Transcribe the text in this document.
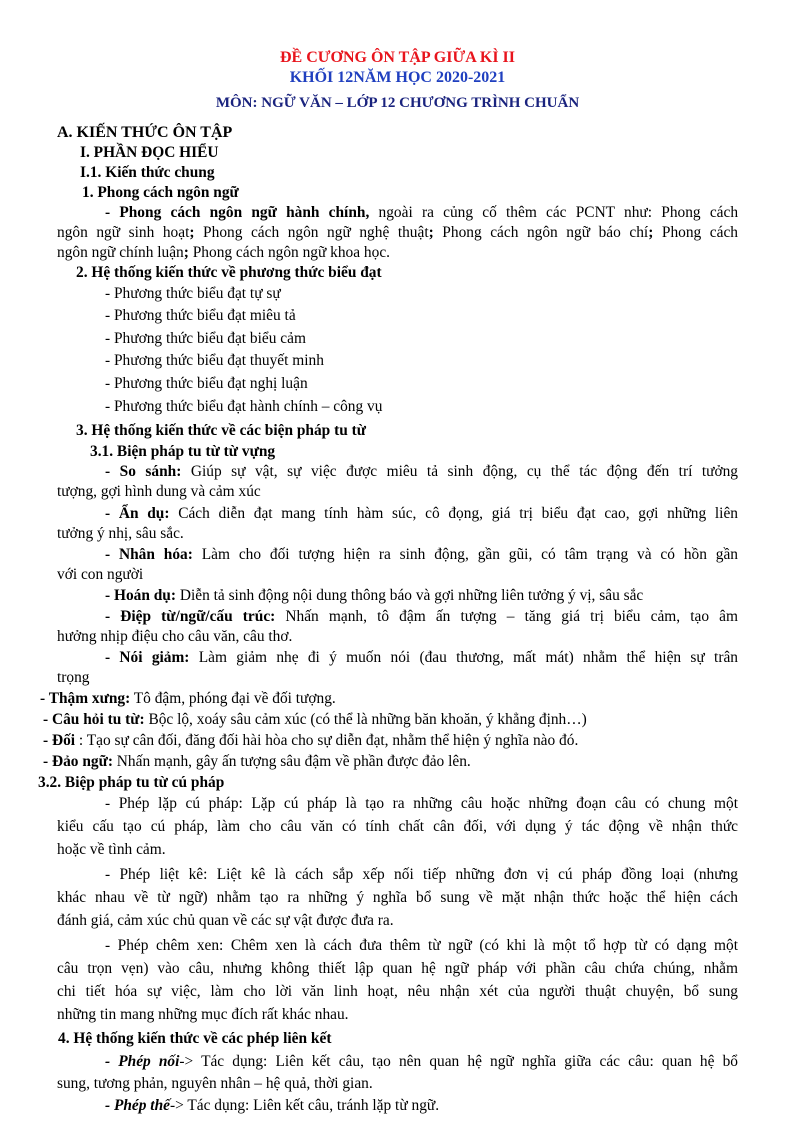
ĐỀ CƯƠNG ÔN TẬP GIỮA KÌ II
KHỐI 12NĂM HỌC 2020-2021
MÔN: NGỮ VĂN – LỚP 12 CHƯƠNG TRÌNH CHUẨN
A. KIẾN THỨC ÔN TẬP
I. PHẦN ĐỌC HIỂU
I.1. Kiến thức chung
1. Phong cách ngôn ngữ
- Phong cách ngôn ngữ hành chính, ngoài ra củng cố thêm các PCNT như: Phong cách
ngôn ngữ sinh hoạt; Phong cách ngôn ngữ nghệ thuật; Phong cách ngôn ngữ báo chí; Phong cách
ngôn ngữ chính luận; Phong cách ngôn ngữ khoa học.
2. Hệ thống kiến thức về phương thức biểu đạt
- Phương thức biểu đạt tự sự
- Phương thức biểu đạt miêu tả
- Phương thức biểu đạt biểu cảm
- Phương thức biểu đạt thuyết minh
- Phương thức biểu đạt nghị luận
- Phương thức biểu đạt hành chính – công vụ
3. Hệ thống kiến thức về các biện pháp tu từ
3.1. Biện pháp tu từ từ vựng
- So sánh: Giúp sự vật, sự việc được miêu tả sinh động, cụ thể tác động đến trí tưởng
tượng, gợi hình dung và cảm xúc
- Ẩn dụ: Cách diễn đạt mang tính hàm súc, cô đọng, giá trị biểu đạt cao, gợi những liên
tưởng ý nhị, sâu sắc.
- Nhân hóa: Làm cho đối tượng hiện ra sinh động, gần gũi, có tâm trạng và có hồn gần
với con người
- Hoán dụ: Diễn tả sinh động nội dung thông báo và gợi những liên tưởng ý vị, sâu sắc
- Điệp từ/ngữ/cấu trúc: Nhấn mạnh, tô đậm ấn tượng – tăng giá trị biểu cảm, tạo âm
hưởng nhịp điệu cho câu văn, câu thơ.
- Nói giảm: Làm giảm nhẹ đi ý muốn nói (đau thương, mất mát) nhằm thể hiện sự trân
trọng
- Thậm xưng: Tô đậm, phóng đại về đối tượng.
- Câu hỏi tu từ: Bộc lộ, xoáy sâu cảm xúc (có thể là những băn khoăn, ý khẳng định…)
- Đối : Tạo sự cân đối, đăng đối hài hòa cho sự diễn đạt, nhằm thể hiện ý nghĩa nào đó.
- Đảo ngữ: Nhấn mạnh, gây ấn tượng sâu đậm về phần được đảo lên.
3.2. Biệp pháp tu từ cú pháp
- Phép lặp cú pháp: Lặp cú pháp là tạo ra những câu hoặc những đoạn câu có chung một
kiểu cấu tạo cú pháp, làm cho câu văn có tính chất cân đối, với dụng ý tác động về nhận thức
hoặc về tình cảm.
- Phép liệt kê: Liệt kê là cách sắp xếp nối tiếp những đơn vị cú pháp đồng loại (nhưng
khác nhau về từ ngữ) nhằm tạo ra những ý nghĩa bổ sung về mặt nhận thức hoặc thể hiện cách
đánh giá, cảm xúc chủ quan về các sự vật được đưa ra.
- Phép chêm xen: Chêm xen là cách đưa thêm từ ngữ (có khi là một tổ hợp từ có dạng một
câu trọn vẹn) vào câu, nhưng không thiết lập quan hệ ngữ pháp với phần câu chứa chúng, nhằm
chi tiết hóa sự việc, làm cho lời văn linh hoạt, nêu nhận xét của người thuật chuyện, bổ sung
những tin mang những mục đích rất khác nhau.
4. Hệ thống kiến thức về các phép liên kết
- Phép nối-> Tác dụng: Liên kết câu, tạo nên quan hệ ngữ nghĩa giữa các câu: quan hệ bổ
sung, tương phản, nguyên nhân – hệ quả, thời gian.
- Phép thế-> Tác dụng: Liên kết câu, tránh lặp từ ngữ.
